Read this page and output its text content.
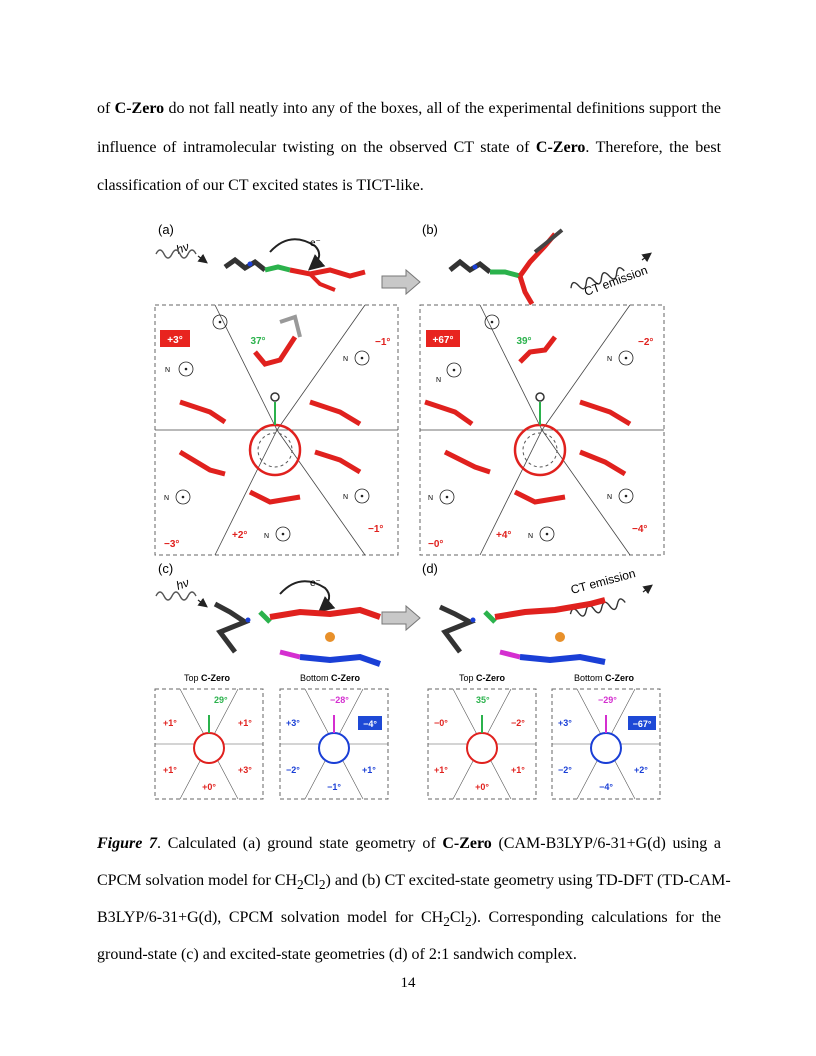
of C-Zero do not fall neatly into any of the boxes, all of the experimental definitions support the
influence of intramolecular twisting on the observed CT state of C-Zero. Therefore, the best
classification of our CT excited states is TICT-like.
(a)
hν	e⁻
(b)
CT emission
+3°	37°	−1°
−3°
+2°
−1°
N
N
N
N
N
+67°	39°	−2°
−0°
+4°
−4°
N
N
N
N
N
(c)
hν	e⁻
(d)	CT emission
Top C-Zero	Bottom C-Zero	Top C-Zero	Bottom C-Zero
29°
+1°	+1°
+1°	+3°
+0°
−28°
+3°	−4°
−2°	+1°
−1°
35°
−0°	−2°
+1°	+1°
+0°
−29°
+3°	−67°
−2°	+2°
−4°
Figure 7. Calculated (a) ground state geometry of C-Zero (CAM-B3LYP/6-31+G(d) using a
CPCM solvation model for $CH_2Cl_2$) and (b) CT excited-state geometry using TD-DFT (TD-CAM-
B3LYP/6-31+G(d), CPCM solvation model for $CH_2Cl_2$). Corresponding calculations for the
ground-state (c) and excited-state geometries (d) of 2:1 sandwich complex.
14
